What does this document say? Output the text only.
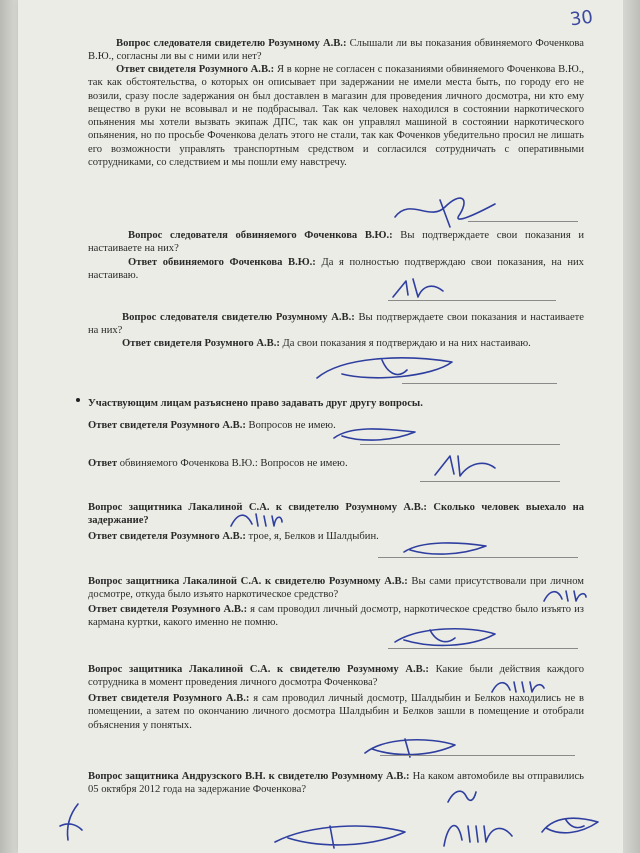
30

Вопрос следователя свидетелю Розумному А.В.: Слышали ли вы показания обвиняемого Фоченкова В.Ю., согласны ли вы с ними или нет?

Ответ свидетеля Розумного А.В.: Я в корне не согласен с показаниями обвиняемого Фоченкова В.Ю., так как обстоятельства, о которых он описывает при задержании не имели места быть, по городу его не возили, сразу после задержания он был доставлен в магазин для проведения личного досмотра, ни кто ему вещество в руки не всовывал и не подбрасывал. Так как человек находился в состоянии наркотического опьянения мы хотели вызвать экипаж ДПС, так как он управлял машиной в состоянии наркотического опьянения, но по просьбе Фоченкова делать этого не стали, так как Фоченков убедительно просил не лишать его возможности управлять транспортным средством и согласился сотрудничать с оперативными сотрудниками, со следствием и мы пошли ему навстречу.

Вопрос следователя обвиняемого Фоченкова В.Ю.: Вы подтверждаете свои показания и настаиваете на них?

Ответ обвиняемого Фоченкова В.Ю.: Да я полностью подтверждаю свои показания, на них настаиваю.

Вопрос следователя свидетелю Розумному А.В.: Вы подтверждаете свои показания и настаиваете на них?

Ответ свидетеля Розумного А.В.: Да свои показания я подтверждаю и на них настаиваю.

Участвующим лицам разъяснено право задавать друг другу вопросы.

Ответ свидетеля Розумного А.В.: Вопросов не имею.

Ответ обвиняемого Фоченкова В.Ю.: Вопросов не имею.

Вопрос защитника Лакалиной С.А. к свидетелю Розумному А.В.: Сколько человек выехало на задержание?

Ответ свидетеля Розумного А.В.: трое, я, Белков и Шалдыбин.

Вопрос защитника Лакалиной С.А. к свидетелю Розумному А.В.: Вы сами присутствовали при личном досмотре, откуда было изъято наркотическое средство?

Ответ свидетеля Розумного А.В.: я сам проводил личный досмотр, наркотическое средство было изъято из кармана куртки, какого именно не помню.

Вопрос защитника Лакалиной С.А. к свидетелю Розумному А.В.: Какие были действия каждого сотрудника в момент проведения личного досмотра Фоченкова?

Ответ свидетеля Розумного А.В.: я сам проводил личный досмотр, Шалдыбин и Белков находились не в помещении, а затем по окончанию личного досмотра Шалдыбин и Белков зашли в помещение и отобрали объяснения у понятых.

Вопрос защитника Андрузского В.Н. к свидетелю Розумному А.В.: На каком автомобиле вы отправились 05 октября 2012 года на задержание Фоченкова?
